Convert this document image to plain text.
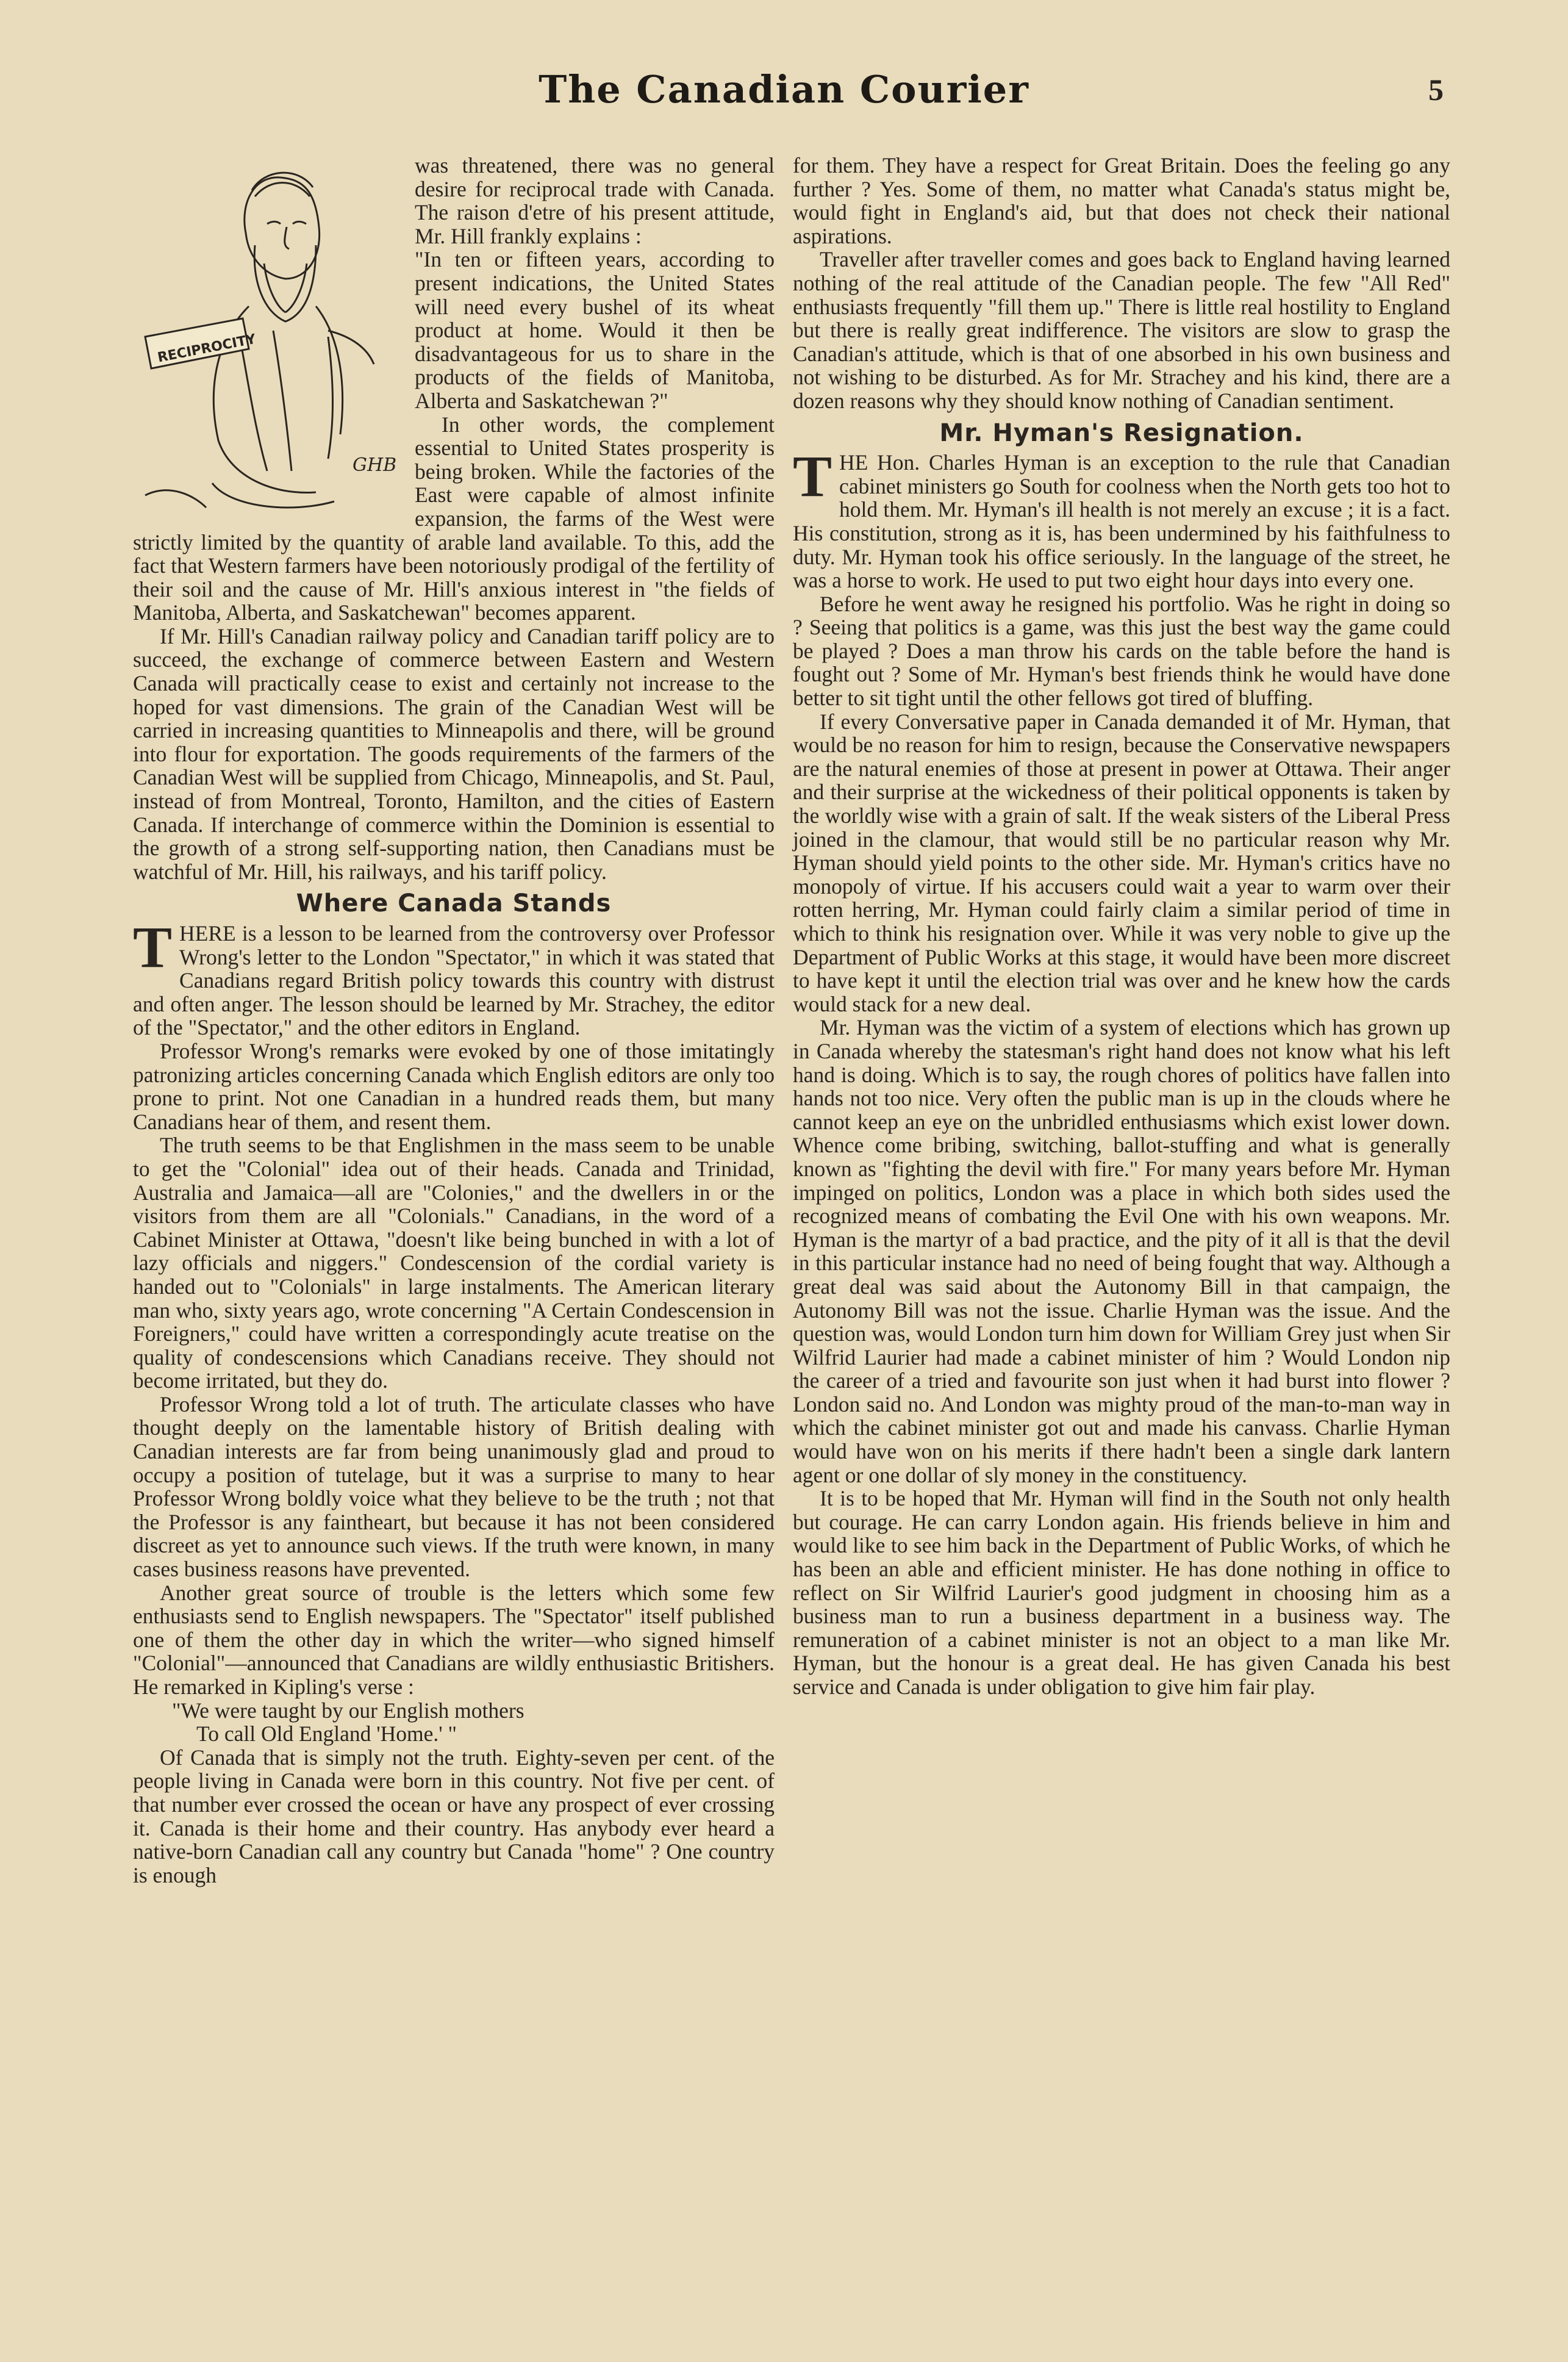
The Canadian Courier	5
RECIPROCITY
GHB

was threatened, there was no general desire for reciprocal trade with Canada. The raison d'etre of his present attitude, Mr. Hill frankly explains :

"In ten or fifteen years, according to present indications, the United States will need every bushel of its wheat product at home. Would it then be disadvantageous for us to share in the products of the fields of Manitoba, Alberta and Saskatchewan ?"

In other words, the complement essential to United States prosperity is being broken. While the factories of the East were capable of almost infinite expansion, the farms of the West were strictly limited by the quantity of arable land available. To this, add the fact that Western farmers have been notoriously prodigal of the fertility of their soil and the cause of Mr. Hill's anxious interest in "the fields of Manitoba, Alberta, and Saskatchewan" becomes apparent.

If Mr. Hill's Canadian railway policy and Canadian tariff policy are to succeed, the exchange of commerce between Eastern and Western Canada will practically cease to exist and certainly not increase to the hoped for vast dimensions. The grain of the Canadian West will be carried in increasing quantities to Minneapolis and there, will be ground into flour for exportation. The goods requirements of the farmers of the Canadian West will be supplied from Chicago, Minneapolis, and St. Paul, instead of from Montreal, Toronto, Hamilton, and the cities of Eastern Canada. If interchange of commerce within the Dominion is essential to the growth of a strong self-supporting nation, then Canadians must be watchful of Mr. Hill, his railways, and his tariff policy.

Where Canada Stands

THERE is a lesson to be learned from the controversy over Professor Wrong's letter to the London "Spectator," in which it was stated that Canadians regard British policy towards this country with distrust and often anger. The lesson should be learned by Mr. Strachey, the editor of the "Spectator," and the other editors in England.

Professor Wrong's remarks were evoked by one of those imitatingly patronizing articles concerning Canada which English editors are only too prone to print. Not one Canadian in a hundred reads them, but many Canadians hear of them, and resent them.

The truth seems to be that Englishmen in the mass seem to be unable to get the "Colonial" idea out of their heads. Canada and Trinidad, Australia and Jamaica—all are "Colonies," and the dwellers in or the visitors from them are all "Colonials." Canadians, in the word of a Cabinet Minister at Ottawa, "doesn't like being bunched in with a lot of lazy officials and niggers." Condescension of the cordial variety is handed out to "Colonials" in large instalments. The American literary man who, sixty years ago, wrote concerning "A Certain Condescension in Foreigners," could have written a correspondingly acute treatise on the quality of condescensions which Canadians receive. They should not become irritated, but they do.

Professor Wrong told a lot of truth. The articulate classes who have thought deeply on the lamentable history of British dealing with Canadian interests are far from being unanimously glad and proud to occupy a position of tutelage, but it was a surprise to many to hear Professor Wrong boldly voice what they believe to be the truth ; not that the Professor is any faintheart, but because it has not been considered discreet as yet to announce such views. If the truth were known, in many cases business reasons have prevented.

Another great source of trouble is the letters which some few enthusiasts send to English newspapers. The "Spectator" itself published one of them the other day in which the writer—who signed himself "Colonial"—announced that Canadians are wildly enthusiastic Britishers. He remarked in Kipling's verse :

"We were taught by our English mothers

To call Old England 'Home.' "

Of Canada that is simply not the truth. Eighty-seven per cent. of the people living in Canada were born in this country. Not five per cent. of that number ever crossed the ocean or have any prospect of ever crossing it. Canada is their home and their country. Has anybody ever heard a native-born Canadian call any country but Canada "home" ? One country is enough

for them. They have a respect for Great Britain. Does the feeling go any further ? Yes. Some of them, no matter what Canada's status might be, would fight in England's aid, but that does not check their national aspirations.

Traveller after traveller comes and goes back to England having learned nothing of the real attitude of the Canadian people. The few "All Red" enthusiasts frequently "fill them up." There is little real hostility to England but there is really great indifference. The visitors are slow to grasp the Canadian's attitude, which is that of one absorbed in his own business and not wishing to be disturbed. As for Mr. Strachey and his kind, there are a dozen reasons why they should know nothing of Canadian sentiment.

Mr. Hyman's Resignation.

THE Hon. Charles Hyman is an exception to the rule that Canadian cabinet ministers go South for coolness when the North gets too hot to hold them. Mr. Hyman's ill health is not merely an excuse ; it is a fact. His constitution, strong as it is, has been undermined by his faithfulness to duty. Mr. Hyman took his office seriously. In the language of the street, he was a horse to work. He used to put two eight hour days into every one.

Before he went away he resigned his portfolio. Was he right in doing so ? Seeing that politics is a game, was this just the best way the game could be played ? Does a man throw his cards on the table before the hand is fought out ? Some of Mr. Hyman's best friends think he would have done better to sit tight until the other fellows got tired of bluffing.

If every Conversative paper in Canada demanded it of Mr. Hyman, that would be no reason for him to resign, because the Conservative newspapers are the natural enemies of those at present in power at Ottawa. Their anger and their surprise at the wickedness of their political opponents is taken by the worldly wise with a grain of salt. If the weak sisters of the Liberal Press joined in the clamour, that would still be no particular reason why Mr. Hyman should yield points to the other side. Mr. Hyman's critics have no monopoly of virtue. If his accusers could wait a year to warm over their rotten herring, Mr. Hyman could fairly claim a similar period of time in which to think his resignation over. While it was very noble to give up the Department of Public Works at this stage, it would have been more discreet to have kept it until the election trial was over and he knew how the cards would stack for a new deal.

Mr. Hyman was the victim of a system of elections which has grown up in Canada whereby the statesman's right hand does not know what his left hand is doing. Which is to say, the rough chores of politics have fallen into hands not too nice. Very often the public man is up in the clouds where he cannot keep an eye on the unbridled enthusiasms which exist lower down. Whence come bribing, switching, ballot-stuffing and what is generally known as "fighting the devil with fire." For many years before Mr. Hyman impinged on politics, London was a place in which both sides used the recognized means of combating the Evil One with his own weapons. Mr. Hyman is the martyr of a bad practice, and the pity of it all is that the devil in this particular instance had no need of being fought that way. Although a great deal was said about the Autonomy Bill in that campaign, the Autonomy Bill was not the issue. Charlie Hyman was the issue. And the question was, would London turn him down for William Grey just when Sir Wilfrid Laurier had made a cabinet minister of him ? Would London nip the career of a tried and favourite son just when it had burst into flower ? London said no. And London was mighty proud of the man-to-man way in which the cabinet minister got out and made his canvass. Charlie Hyman would have won on his merits if there hadn't been a single dark lantern agent or one dollar of sly money in the constituency.

It is to be hoped that Mr. Hyman will find in the South not only health but courage. He can carry London again. His friends believe in him and would like to see him back in the Department of Public Works, of which he has been an able and efficient minister. He has done nothing in office to reflect on Sir Wilfrid Laurier's good judgment in choosing him as a business man to run a business department in a business way. The remuneration of a cabinet minister is not an object to a man like Mr. Hyman, but the honour is a great deal. He has given Canada his best service and Canada is under obligation to give him fair play.
